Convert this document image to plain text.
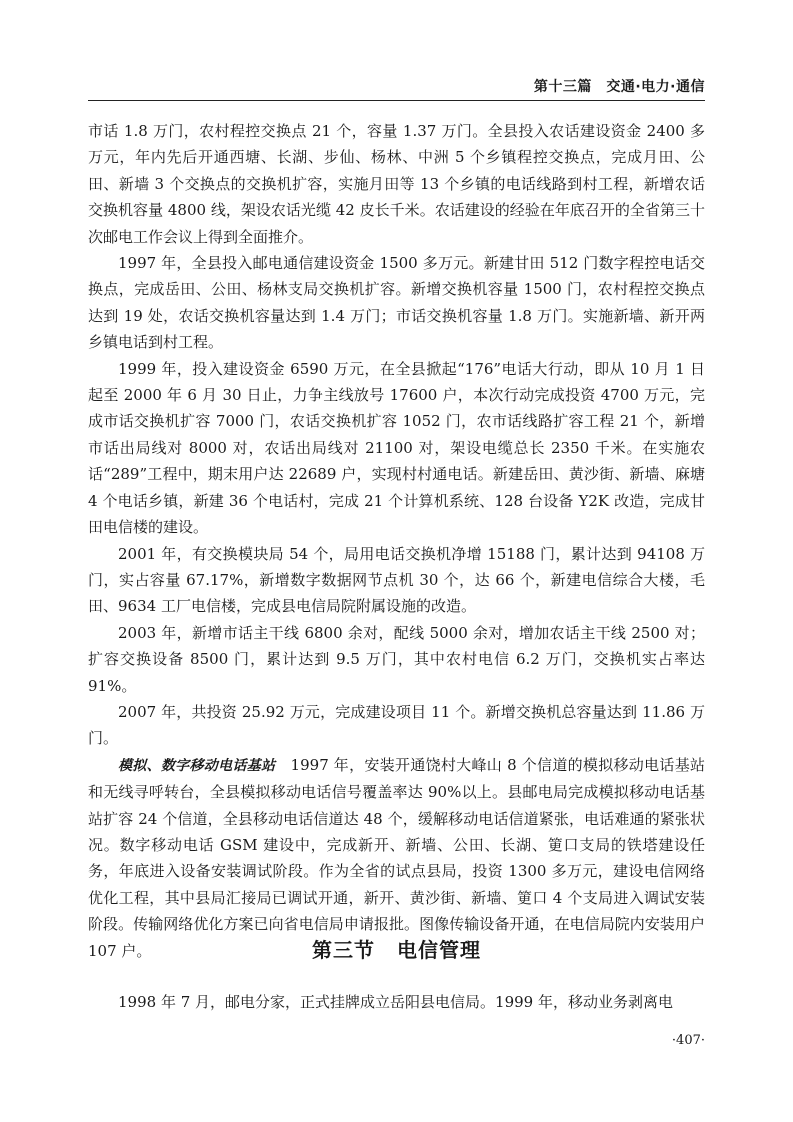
第十三篇　交通·电力·通信

市话 1.8 万门，农村程控交换点 21 个，容量 1.37 万门。全县投入农话建设资金 2400 多万元，年内先后开通西塘、长湖、步仙、杨林、中洲 5 个乡镇程控交换点，完成月田、公田、新墙 3 个交换点的交换机扩容，实施月田等 13 个乡镇的电话线路到村工程，新增农话交换机容量 4800 线，架设农话光缆 42 皮长千米。农话建设的经验在年底召开的全省第三十次邮电工作会议上得到全面推介。

1997 年，全县投入邮电通信建设资金 1500 多万元。新建甘田 512 门数字程控电话交换点，完成岳田、公田、杨林支局交换机扩容。新增交换机容量 1500 门，农村程控交换点达到 19 处，农话交换机容量达到 1.4 万门；市话交换机容量 1.8 万门。实施新墙、新开两乡镇电话到村工程。

1999 年，投入建设资金 6590 万元，在全县掀起“176”电话大行动，即从 10 月 1 日起至 2000 年 6 月 30 日止，力争主线放号 17600 户，本次行动完成投资 4700 万元，完成市话交换机扩容 7000 门，农话交换机扩容 1052 门，农市话线路扩容工程 21 个，新增市话出局线对 8000 对，农话出局线对 21100 对，架设电缆总长 2350 千米。在实施农话“289”工程中，期末用户达 22689 户，实现村村通电话。新建岳田、黄沙街、新墙、麻塘 4 个电话乡镇，新建 36 个电话村，完成 21 个计算机系统、128 台设备 Y2K 改造，完成甘田电信楼的建设。

2001 年，有交换模块局 54 个，局用电话交换机净增 15188 门，累计达到 94108 万门，实占容量 67.17%，新增数字数据网节点机 30 个，达 66 个，新建电信综合大楼，毛田、9634 工厂电信楼，完成县电信局院附属设施的改造。

2003 年，新增市话主干线 6800 余对，配线 5000 余对，增加农话主干线 2500 对；扩容交换设备 8500 门，累计达到 9.5 万门，其中农村电信 6.2 万门，交换机实占率达 91%。

2007 年，共投资 25.92 万元，完成建设项目 11 个。新增交换机总容量达到 11.86 万门。

模拟、数字移动电话基站　1997 年，安装开通饶村大峰山 8 个信道的模拟移动电话基站和无线寻呼转台，全县模拟移动电话信号覆盖率达 90%以上。县邮电局完成模拟移动电话基站扩容 24 个信道，全县移动电话信道达 48 个，缓解移动电话信道紧张，电话难通的紧张状况。数字移动电话 GSM 建设中，完成新开、新墙、公田、长湖、筻口支局的铁塔建设任务，年底进入设备安装调试阶段。作为全省的试点县局，投资 1300 多万元，建设电信网络优化工程，其中县局汇接局已调试开通，新开、黄沙街、新墙、筻口 4 个支局进入调试安装阶段。传输网络优化方案已向省电信局申请报批。图像传输设备开通，在电信局院内安装用户 107 户。	第三节 电信管理

1998 年 7 月，邮电分家，正式挂牌成立岳阳县电信局。1999 年，移动业务剥离电

·407·
